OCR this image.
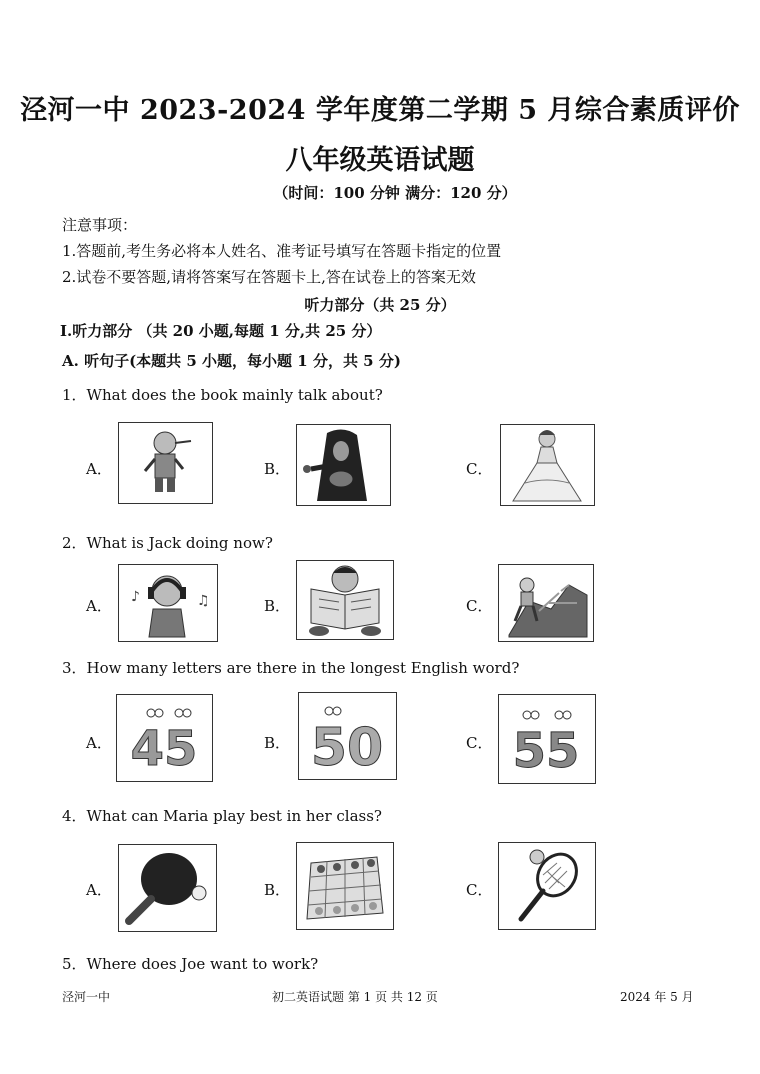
泾河一中 2023-2024 学年度第二学期 5 月综合素质评价
八年级英语试题
（时间：100 分钟 满分：120 分）
注意事项：
1.答题前,考生务必将本人姓名、准考证号填写在答题卡指定的位置
2.试卷不要答题,请将答案写在答题卡上,答在试卷上的答案无效
听力部分（共 25 分）
Ⅰ.听力部分 （共 20 小题,每题 1 分,共 25 分）
A. 听句子(本题共 5 小题，每小题 1 分，共 5 分)
1．What does the book mainly talk about?
A．	B．	C．
2．What is Jack doing now?
A． ♪	♫	B．	C．
3．How many letters are there in the longest English word?
A． 45	B． 50	C． 55
4．What can Maria play best in her class?
A．	B．	C．
5．Where does Joe want to work?
泾河一中	初二英语试题 第 1 页 共 12 页	2024 年 5 月
